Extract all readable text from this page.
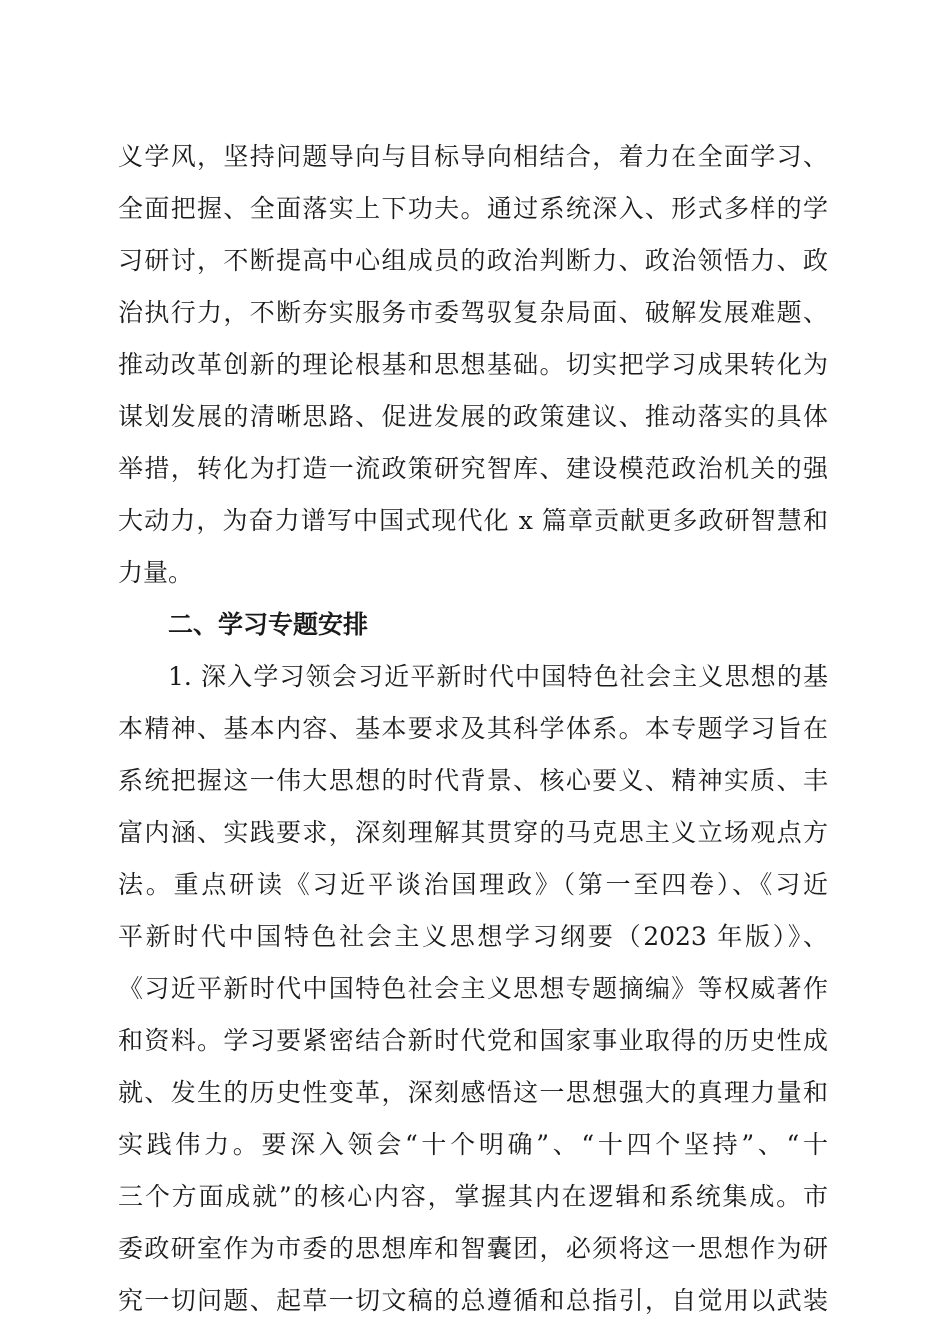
义学风，坚持问题导向与目标导向相结合，着力在全面学习、
全面把握、全面落实上下功夫。通过系统深入、形式多样的学
习研讨，不断提高中心组成员的政治判断力、政治领悟力、政
治执行力，不断夯实服务市委驾驭复杂局面、破解发展难题、
推动改革创新的理论根基和思想基础。切实把学习成果转化为
谋划发展的清晰思路、促进发展的政策建议、推动落实的具体
举措，转化为打造一流政策研究智库、建设模范政治机关的强
大动力，为奋力谱写中国式现代化 x 篇章贡献更多政研智慧和
力量。
二、学习专题安排
1. 深入学习领会习近平新时代中国特色社会主义思想的基
本精神、基本内容、基本要求及其科学体系。本专题学习旨在
系统把握这一伟大思想的时代背景、核心要义、精神实质、丰
富内涵、实践要求，深刻理解其贯穿的马克思主义立场观点方
法。重点研读《习近平谈治国理政》（第一至四卷）、《习近
平新时代中国特色社会主义思想学习纲要（2023 年版）》、
《习近平新时代中国特色社会主义思想专题摘编》等权威著作
和资料。学习要紧密结合新时代党和国家事业取得的历史性成
就、发生的历史性变革，深刻感悟这一思想强大的真理力量和
实践伟力。要深入领会“十个明确”、“十四个坚持”、“十
三个方面成就”的核心内容，掌握其内在逻辑和系统集成。市
委政研室作为市委的思想库和智囊团，必须将这一思想作为研
究一切问题、起草一切文稿的总遵循和总指引，自觉用以武装
